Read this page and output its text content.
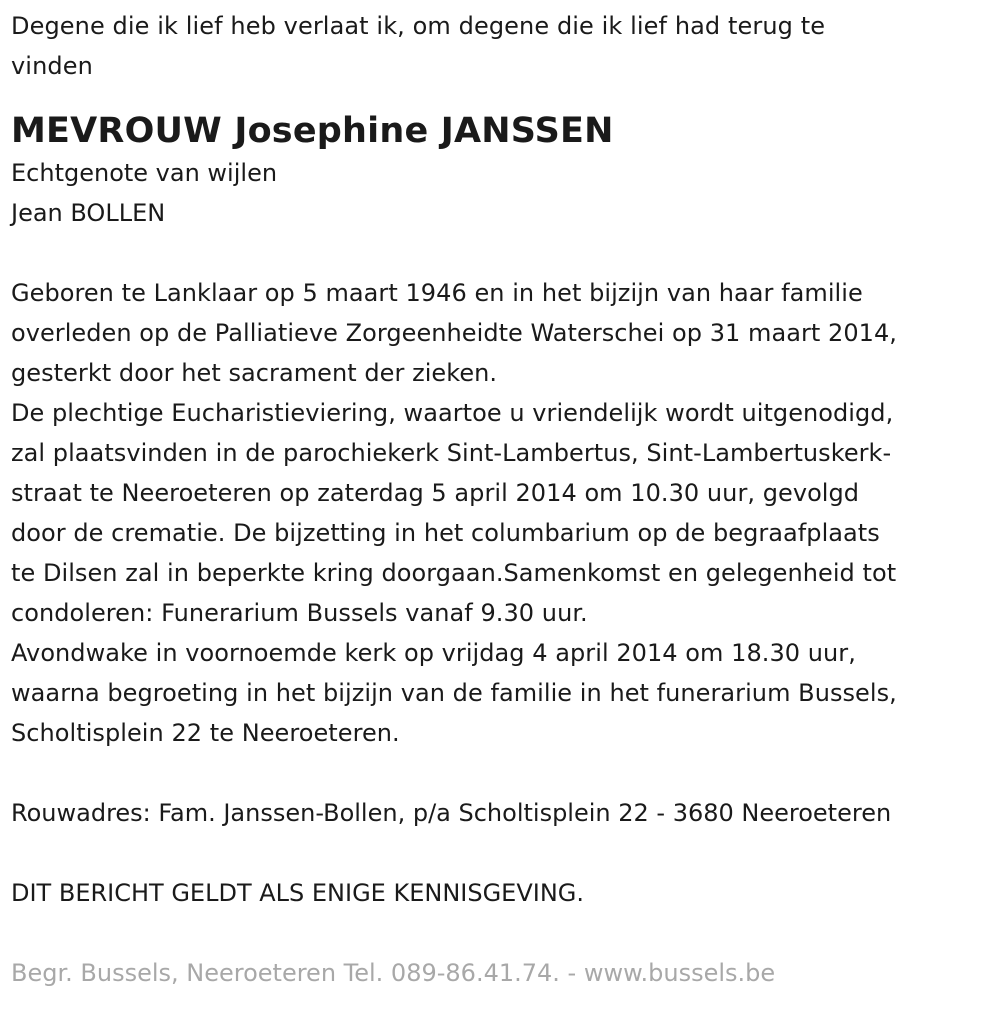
Degene die ik lief heb verlaat ik, om degene die ik lief had terug te
vinden
MEVROUW Josephine JANSSEN
Echtgenote van wijlen
Jean BOLLEN
Geboren te Lanklaar op 5 maart 1946 en in het bijzijn van haar familie
overleden op de Palliatieve Zorgeenheidte Waterschei op 31 maart 2014,
gesterkt door het sacrament der zieken.
De plechtige Eucharistieviering, waartoe u vriendelijk wordt uitgenodigd,
zal plaatsvinden in de parochiekerk Sint-Lambertus, Sint-Lambertuskerk-
straat te Neeroeteren op zaterdag 5 april 2014 om 10.30 uur, gevolgd
door de crematie. De bijzetting in het columbarium op de begraafplaats
te Dilsen zal in beperkte kring doorgaan.Samenkomst en gelegenheid tot
condoleren: Funerarium Bussels vanaf 9.30 uur.
Avondwake in voornoemde kerk op vrijdag 4 april 2014 om 18.30 uur,
waarna begroeting in het bijzijn van de familie in het funerarium Bussels,
Scholtisplein 22 te Neeroeteren.
Rouwadres: Fam. Janssen-Bollen, p/a Scholtisplein 22 - 3680 Neeroeteren
DIT BERICHT GELDT ALS ENIGE KENNISGEVING.
Begr. Bussels, Neeroeteren Tel. 089-86.41.74. - www.bussels.be
